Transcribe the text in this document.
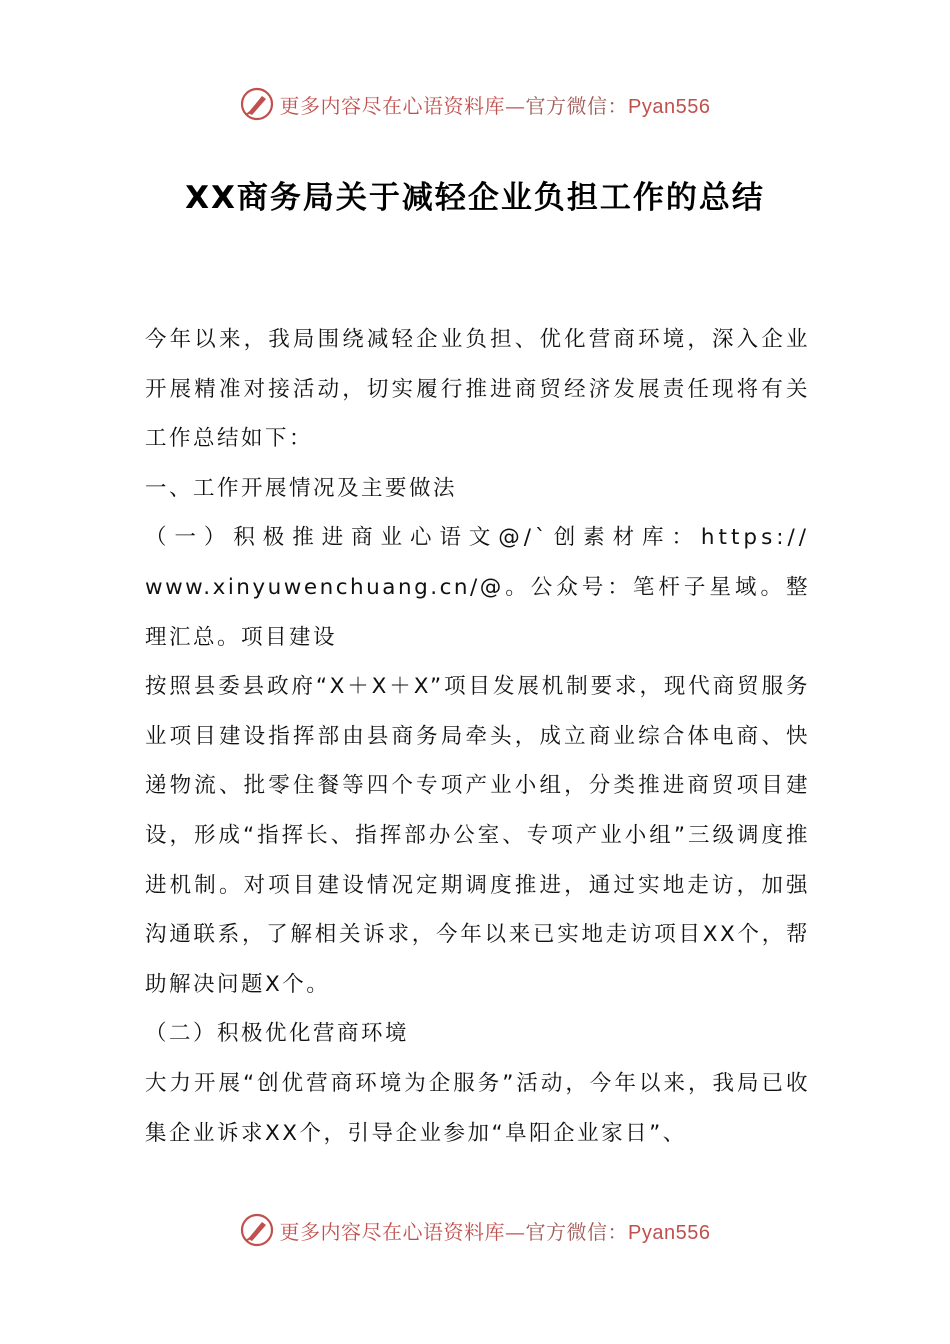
更多内容尽在心语资料库—官方微信：Pyan556
XX商务局关于减轻企业负担工作的总结

今年以来，我局围绕减轻企业负担、优化营商环境，深入企业开展精准对接活动，切实履行推进商贸经济发展责任现将有关工作总结如下：

一、工作开展情况及主要做法

（一）积极推进商业心语文@/`创素材库：https://

www.xinyuwenchuang.cn/@。公众号：笔杆子星域。整理汇总。项目建设

按照县委县政府“X＋X＋X”项目发展机制要求，现代商贸服务业项目建设指挥部由县商务局牵头，成立商业综合体电商、快递物流、批零住餐等四个专项产业小组，分类推进商贸项目建设，形成“指挥长、指挥部办公室、专项产业小组”三级调度推进机制。对项目建设情况定期调度推进，通过实地走访，加强沟通联系，了解相关诉求，今年以来已实地走访项目XX个，帮助解决问题X个。

（二）积极优化营商环境

大力开展“创优营商环境为企服务”活动，今年以来，我局已收集企业诉求XX个，引导企业参加“阜阳企业家日”、

更多内容尽在心语资料库—官方微信：Pyan556
